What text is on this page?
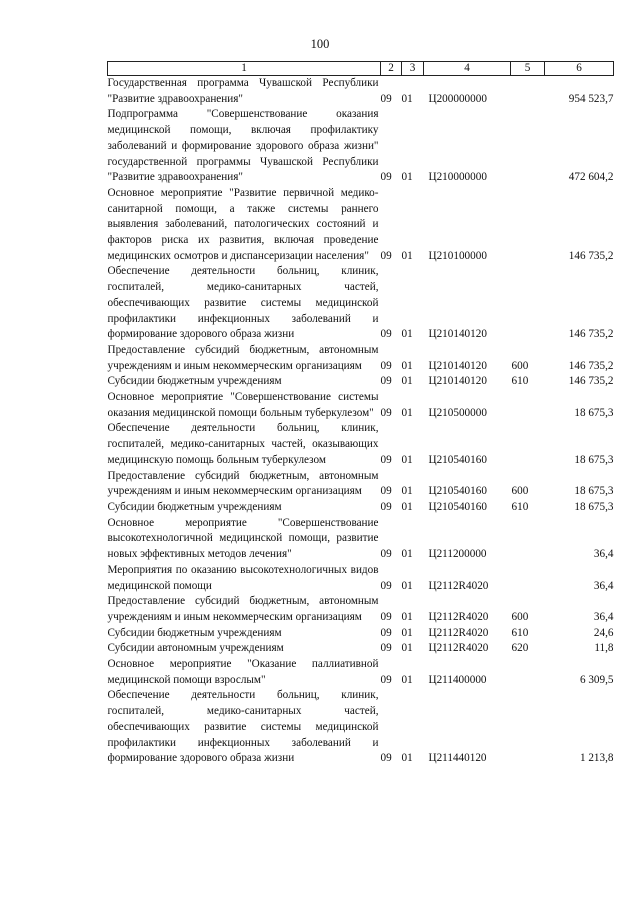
100
1	2	3	4	5	6
Государственная программа Чувашской Республики "Развитие здравоохранения"	09	01	Ц200000000		954 523,7
Подпрограмма "Совершенствование оказания медицинской помощи, включая профилактику заболеваний и формирование здорового образа жизни" государственной программы Чувашской Республики "Развитие здравоохранения"	09	01	Ц210000000		472 604,2
Основное мероприятие "Развитие первичной медико-санитарной помощи, а также системы раннего выявления заболеваний, патологических состояний и факторов риска их развития, включая проведение медицинских осмотров и диспансеризации населения"	09	01	Ц210100000		146 735,2
Обеспечение деятельности больниц, клиник, госпиталей, медико-санитарных частей, обеспечивающих развитие системы медицинской профилактики инфекционных заболеваний и формирование здорового образа жизни	09	01	Ц210140120		146 735,2
Предоставление субсидий бюджетным, автономным учреждениям и иным некоммерческим организациям	09	01	Ц210140120	600	146 735,2
Субсидии бюджетным учреждениям	09	01	Ц210140120	610	146 735,2
Основное мероприятие "Совершенствование системы оказания медицинской помощи больным туберкулезом"	09	01	Ц210500000		18 675,3
Обеспечение деятельности больниц, клиник, госпиталей, медико-санитарных частей, оказывающих медицинскую помощь больным туберкулезом	09	01	Ц210540160		18 675,3
Предоставление субсидий бюджетным, автономным учреждениям и иным некоммерческим организациям	09	01	Ц210540160	600	18 675,3
Субсидии бюджетным учреждениям	09	01	Ц210540160	610	18 675,3
Основное мероприятие "Совершенствование высокотехнологичной медицинской помощи, развитие новых эффективных методов лечения"	09	01	Ц211200000		36,4
Мероприятия по оказанию высокотехнологичных видов медицинской помощи	09	01	Ц2112R4020		36,4
Предоставление субсидий бюджетным, автономным учреждениям и иным некоммерческим организациям	09	01	Ц2112R4020	600	36,4
Субсидии бюджетным учреждениям	09	01	Ц2112R4020	610	24,6
Субсидии автономным учреждениям	09	01	Ц2112R4020	620	11,8
Основное мероприятие "Оказание паллиативной медицинской помощи взрослым"	09	01	Ц211400000		6 309,5
Обеспечение деятельности больниц, клиник, госпиталей, медико-санитарных частей, обеспечивающих развитие системы медицинской профилактики инфекционных заболеваний и формирование здорового образа жизни	09	01	Ц211440120		1 213,8
